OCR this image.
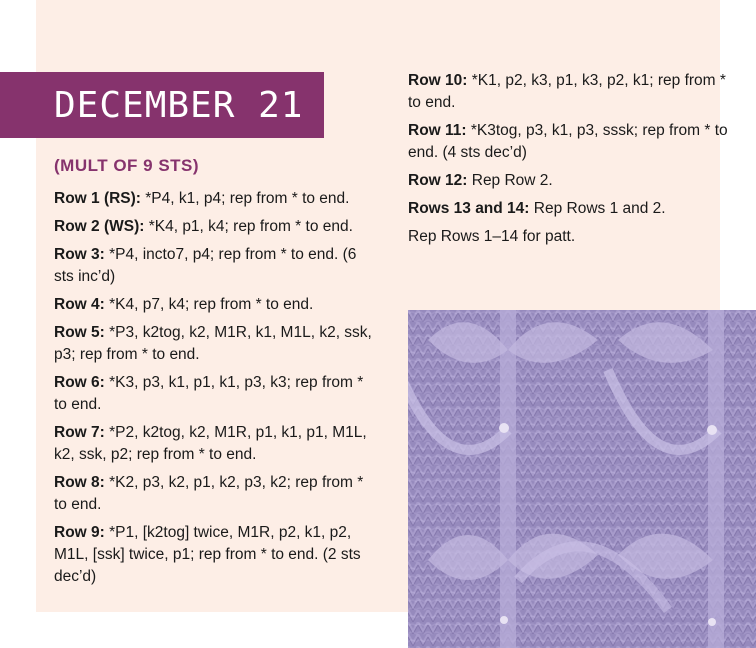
DECEMBER 21
(MULT OF 9 STS)

Row 1 (RS): *P4, k1, p4; rep from * to end.

Row 2 (WS): *K4, p1, k4; rep from * to end.

Row 3: *P4, incto7, p4; rep from * to end. (6 sts inc’d)

Row 4: *K4, p7, k4; rep from * to end.

Row 5: *P3, k2tog, k2, M1R, k1, M1L, k2, ssk, p3; rep from * to end.

Row 6: *K3, p3, k1, p1, k1, p3, k3; rep from * to end.

Row 7: *P2, k2tog, k2, M1R, p1, k1, p1, M1L, k2, ssk, p2; rep from * to end.

Row 8: *K2, p3, k2, p1, k2, p3, k2; rep from * to end.

Row 9: *P1, [k2tog] twice, M1R, p2, k1, p2, M1L, [ssk] twice, p1; rep from * to end. (2 sts dec’d)

Row 10: *K1, p2, k3, p1, k3, p2, k1; rep from * to end.

Row 11: *K3tog, p3, k1, p3, sssk; rep from * to end. (4 sts dec’d)

Row 12: Rep Row 2.

Rows 13 and 14: Rep Rows 1 and 2.

Rep Rows 1–14 for patt.
